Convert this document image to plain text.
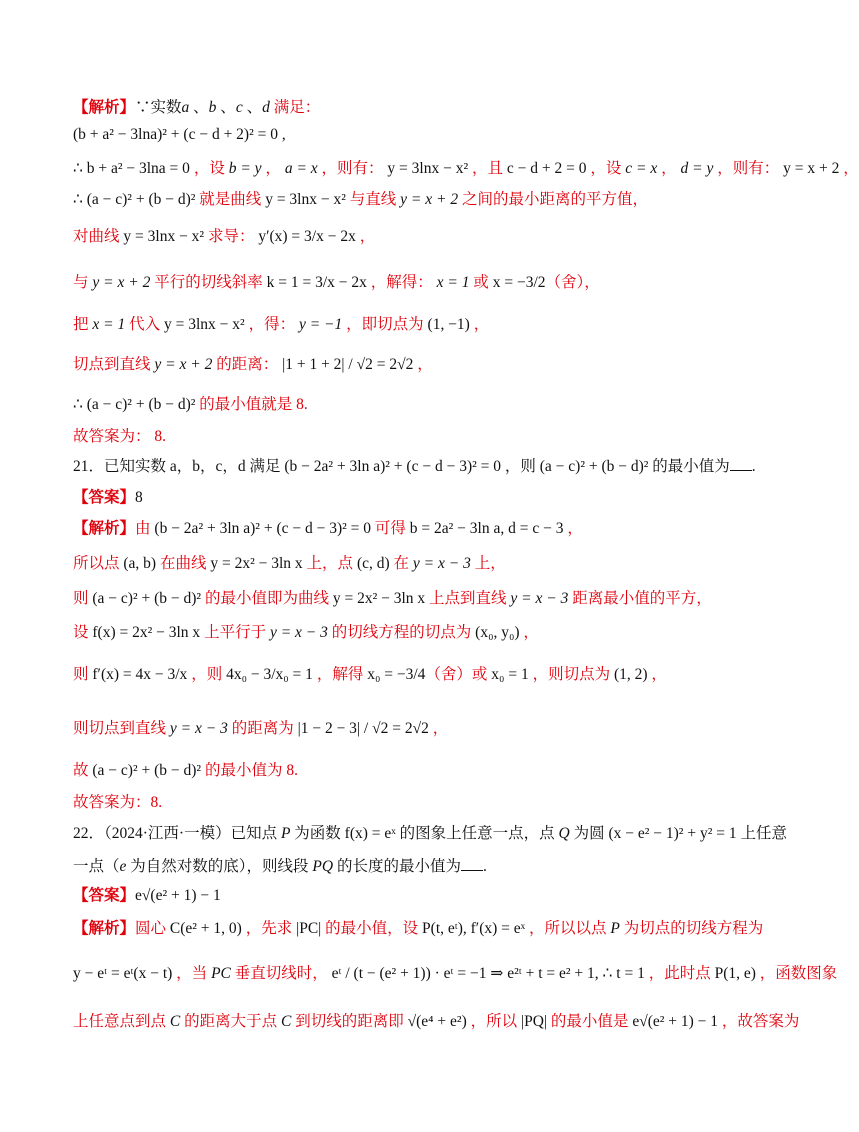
【解析】∵实数a 、b 、c 、d 满足：
(b + a² − 3lna)² + (c − d + 2)² = 0 ,
∴ b + a² − 3lna = 0 ，设 b = y ， a = x ，则有： y = 3lnx − x² ，且 c − d + 2 = 0 ，设 c = x ， d = y ，则有： y = x + 2 ，
∴ (a − c)² + (b − d)² 就是曲线 y = 3lnx − x² 与直线 y = x + 2 之间的最小距离的平方值，
对曲线 y = 3lnx − x² 求导： y′(x) = 3/x − 2x ，
与 y = x + 2 平行的切线斜率 k = 1 = 3/x − 2x ，解得： x = 1 或 x = −3/2（舍），
把 x = 1 代入 y = 3lnx − x² ，得： y = −1 ，即切点为 (1, −1) ，
切点到直线 y = x + 2 的距离： |1 + 1 + 2| / √2 = 2√2 ，
∴ (a − c)² + (b − d)² 的最小值就是 8.
故答案为： 8.
21．已知实数 a，b，c，d 满足 (b − 2a² + 3ln a)² + (c − d − 3)² = 0 ，则 (a − c)² + (b − d)² 的最小值为 .
【答案】8
【解析】由 (b − 2a² + 3ln a)² + (c − d − 3)² = 0 可得 b = 2a² − 3ln a, d = c − 3 ，
所以点 (a, b) 在曲线 y = 2x² − 3ln x 上，点 (c, d) 在 y = x − 3 上，
则 (a − c)² + (b − d)² 的最小值即为曲线 y = 2x² − 3ln x 上点到直线 y = x − 3 距离最小值的平方，
设 f(x) = 2x² − 3ln x 上平行于 y = x − 3 的切线方程的切点为 (x₀, y₀) ，
则 f′(x) = 4x − 3/x ，则 4x₀ − 3/x₀ = 1 ，解得 x₀ = −3/4（舍）或 x₀ = 1 ，则切点为 (1, 2) ，
则切点到直线 y = x − 3 的距离为 |1 − 2 − 3| / √2 = 2√2 ，
故 (a − c)² + (b − d)² 的最小值为 8.
故答案为：8.
22．（2024·江西·一模）已知点 P 为函数 f(x) = eˣ 的图象上任意一点，点 Q 为圆 (x − e² − 1)² + y² = 1 上任意
一点（e 为自然对数的底），则线段 PQ 的长度的最小值为 .
【答案】e√(e² + 1) − 1
【解析】圆心 C(e² + 1, 0) ，先求 |PC| 的最小值，设 P(t, eᵗ), f′(x) = eˣ ，所以以点 P 为切点的切线方程为
y − eᵗ = eᵗ(x − t) ，当 PC 垂直切线时， eᵗ / (t − (e² + 1)) · eᵗ = −1 ⇒ e²ᵗ + t = e² + 1, ∴ t = 1 ，此时点 P(1, e) ，函数图象
上任意点到点 C 的距离大于点 C 到切线的距离即 √(e⁴ + e²) ，所以 |PQ| 的最小值是 e√(e² + 1) − 1 ，故答案为
